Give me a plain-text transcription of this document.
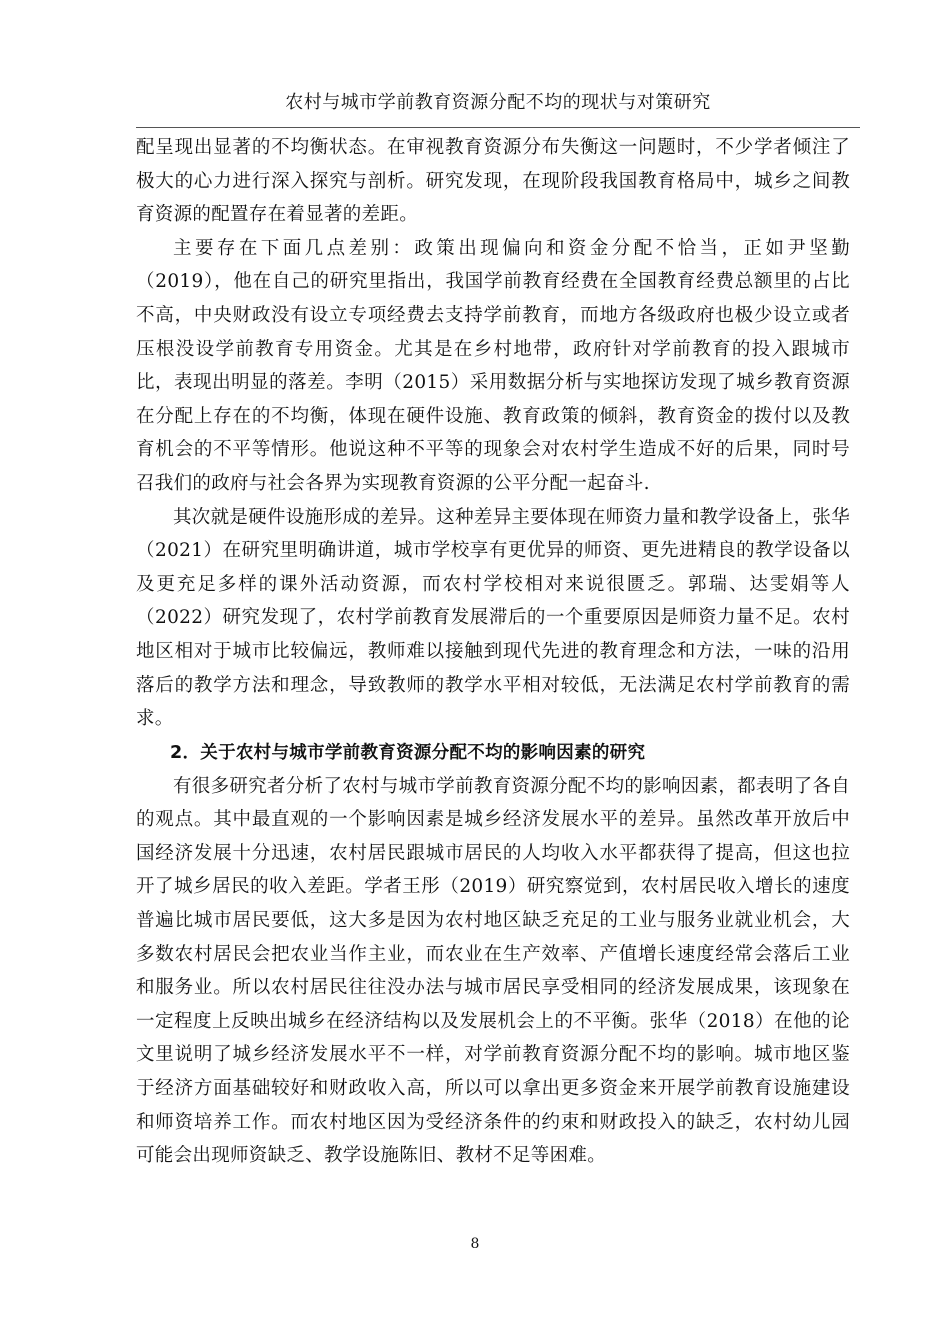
农村与城市学前教育资源分配不均的现状与对策研究

配呈现出显著的不均衡状态。在审视教育资源分布失衡这一问题时，不少学者倾注了极大的心力进行深入探究与剖析。研究发现，在现阶段我国教育格局中，城乡之间教育资源的配置存在着显著的差距。

主要存在下面几点差别：政策出现偏向和资金分配不恰当，正如尹坚勤（2019），他在自己的研究里指出，我国学前教育经费在全国教育经费总额里的占比不高，中央财政没有设立专项经费去支持学前教育，而地方各级政府也极少设立或者压根没设学前教育专用资金。尤其是在乡村地带，政府针对学前教育的投入跟城市比，表现出明显的落差。李明（2015）采用数据分析与实地探访发现了城乡教育资源在分配上存在的不均衡，体现在硬件设施、教育政策的倾斜，教育资金的拨付以及教育机会的不平等情形。他说这种不平等的现象会对农村学生造成不好的后果，同时号召我们的政府与社会各界为实现教育资源的公平分配一起奋斗.

其次就是硬件设施形成的差异。这种差异主要体现在师资力量和教学设备上，张华（2021）在研究里明确讲道，城市学校享有更优异的师资、更先进精良的教学设备以及更充足多样的课外活动资源，而农村学校相对来说很匮乏。郭瑞、达雯娟等人（2022）研究发现了，农村学前教育发展滞后的一个重要原因是师资力量不足。农村地区相对于城市比较偏远，教师难以接触到现代先进的教育理念和方法，一味的沿用落后的教学方法和理念，导致教师的教学水平相对较低，无法满足农村学前教育的需求。

2．关于农村与城市学前教育资源分配不均的影响因素的研究

有很多研究者分析了农村与城市学前教育资源分配不均的影响因素，都表明了各自的观点。其中最直观的一个影响因素是城乡经济发展水平的差异。虽然改革开放后中国经济发展十分迅速，农村居民跟城市居民的人均收入水平都获得了提高，但这也拉开了城乡居民的收入差距。学者王彤（2019）研究察觉到，农村居民收入增长的速度普遍比城市居民要低，这大多是因为农村地区缺乏充足的工业与服务业就业机会，大多数农村居民会把农业当作主业，而农业在生产效率、产值增长速度经常会落后工业和服务业。所以农村居民往往没办法与城市居民享受相同的经济发展成果，该现象在一定程度上反映出城乡在经济结构以及发展机会上的不平衡。张华（2018）在他的论文里说明了城乡经济发展水平不一样，对学前教育资源分配不均的影响。城市地区鉴于经济方面基础较好和财政收入高，所以可以拿出更多资金来开展学前教育设施建设和师资培养工作。而农村地区因为受经济条件的约束和财政投入的缺乏，农村幼儿园可能会出现师资缺乏、教学设施陈旧、教材不足等困难。

8
